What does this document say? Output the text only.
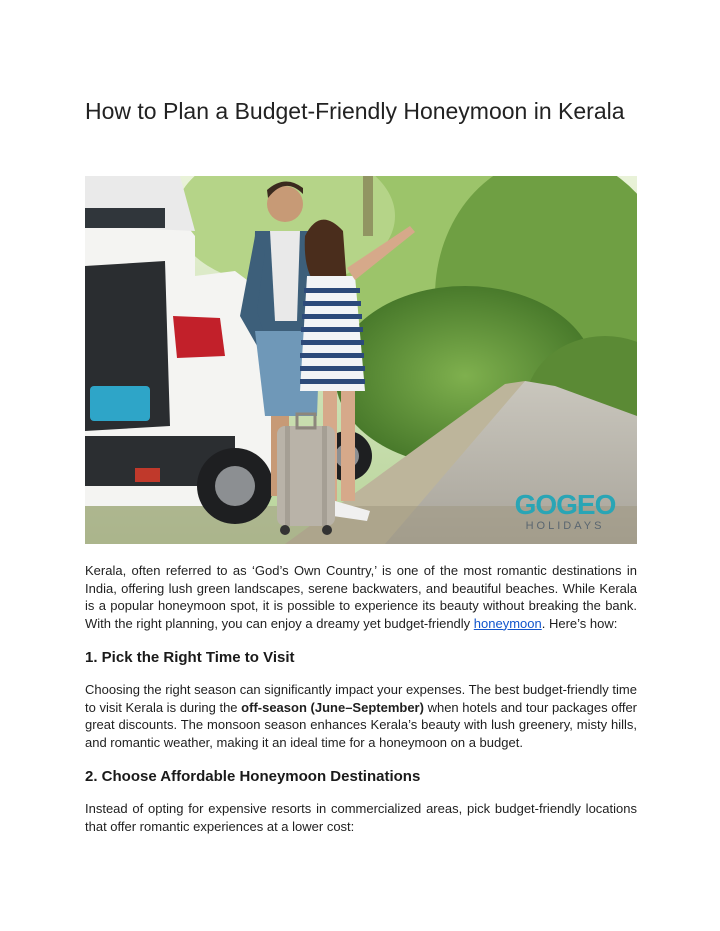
How to Plan a Budget-Friendly Honeymoon in Kerala
GOGEO
HOLIDAYS

Kerala, often referred to as ‘God’s Own Country,’ is one of the most romantic destinations in India, offering lush green landscapes, serene backwaters, and beautiful beaches. While Kerala is a popular honeymoon spot, it is possible to experience its beauty without breaking the bank. With the right planning, you can enjoy a dreamy yet budget-friendly honeymoon. Here’s how:

1. Pick the Right Time to Visit

Choosing the right season can significantly impact your expenses. The best budget-friendly time to visit Kerala is during the off-season (June–September) when hotels and tour packages offer great discounts. The monsoon season enhances Kerala’s beauty with lush greenery, misty hills, and romantic weather, making it an ideal time for a honeymoon on a budget.

2. Choose Affordable Honeymoon Destinations

Instead of opting for expensive resorts in commercialized areas, pick budget-friendly locations that offer romantic experiences at a lower cost:
